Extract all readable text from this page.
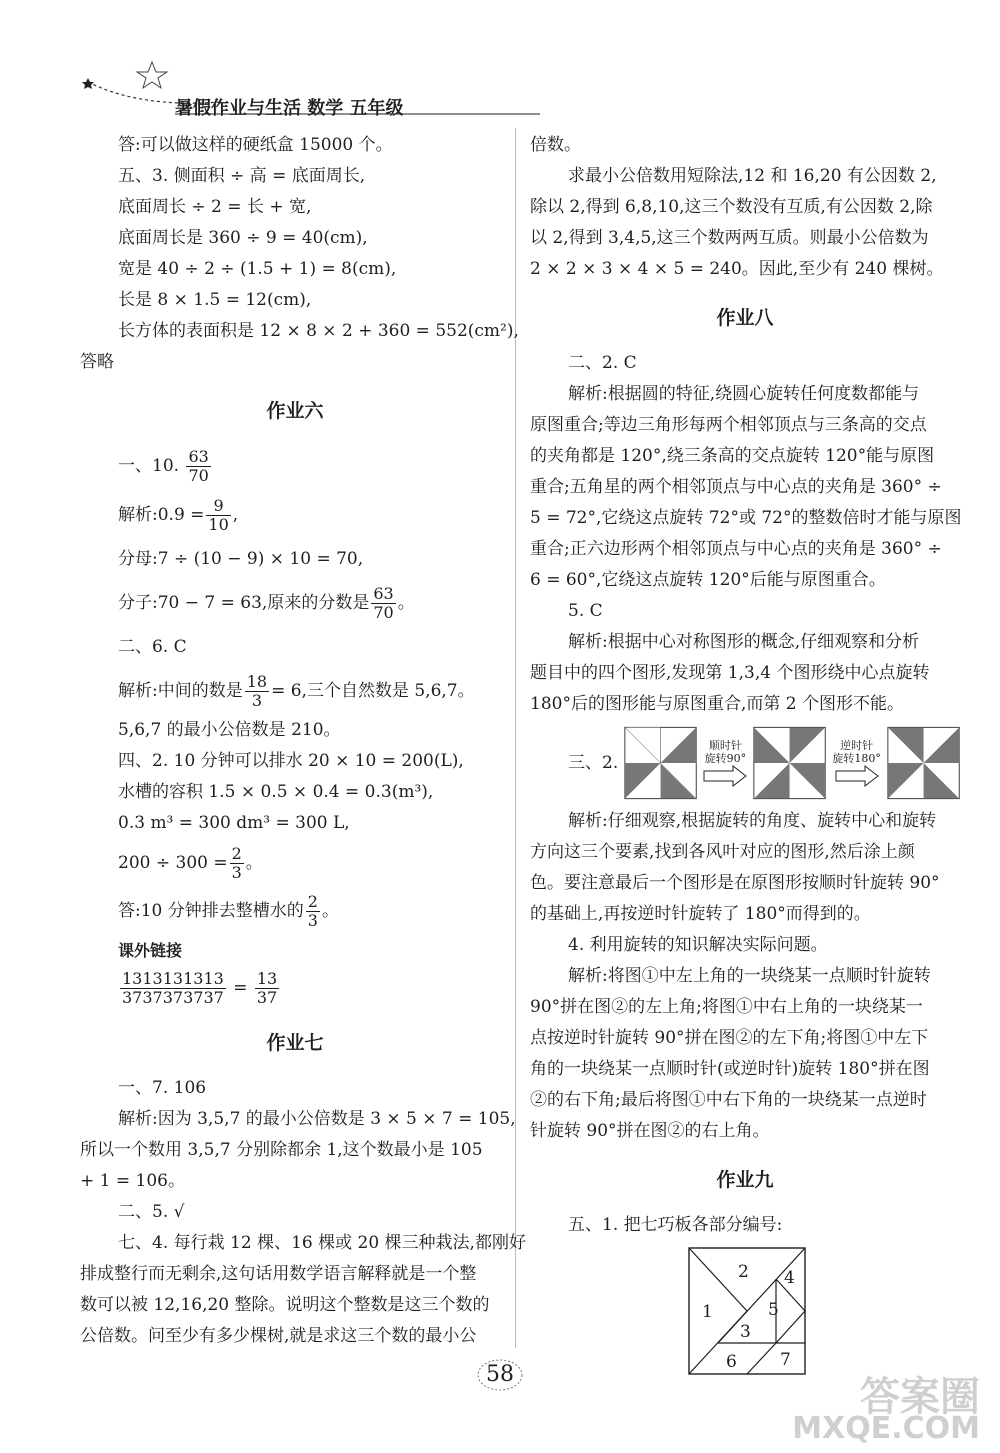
暑假作业与生活 数学 五年级

答:可以做这样的硬纸盒 15000 个。

五、3. 侧面积 ÷ 高 = 底面周长,

底面周长 ÷ 2 = 长 + 宽,

底面周长是 360 ÷ 9 = 40(cm),

宽是 40 ÷ 2 ÷ (1.5 + 1) = 8(cm),

长是 8 × 1.5 = 12(cm),

长方体的表面积是 12 × 8 × 2 + 360 = 552(cm²),

答略

作业六

一、10. $\frac{63}{70}$

解析:0.9 = $\frac{9}{10}$ ,

分母:7 ÷ (10 − 9) × 10 = 70,

分子:70 − 7 = 63,原来的分数是 $\frac{63}{70}$ 。

二、6. C

解析:中间的数是 $\frac{18}{3} = 6$,三个自然数是 5,6,7。

5,6,7 的最小公倍数是 210。

四、2. 10 分钟可以排水 20 × 10 = 200(L),

水槽的容积 1.5 × 0.5 × 0.4 = 0.3(m³),

0.3 m³ = 300 dm³ = 300 L,

$200 \div 300 = \frac{2}{3}$ 。

答:10 分钟排去整槽水的 $\frac{2}{3}$ 。

课外链接

$\frac{1313131313}{3737373737} = \frac{13}{37}$

作业七

一、7. 106

解析:因为 3,5,7 的最小公倍数是 3 × 5 × 7 = 105,

所以一个数用 3,5,7 分别除都余 1,这个数最小是 105

+ 1 = 106。

二、5. √

七、4. 每行栽 12 棵、16 棵或 20 棵三种栽法,都刚好

排成整行而无剩余,这句话用数学语言解释就是一个整

数可以被 12,16,20 整除。说明这个整数是这三个数的

公倍数。问至少有多少棵树,就是求这三个数的最小公

倍数。

求最小公倍数用短除法,12 和 16,20 有公因数 2,

除以 2,得到 6,8,10,这三个数没有互质,有公因数 2,除

以 2,得到 3,4,5,这三个数两两互质。则最小公倍数为

2 × 2 × 3 × 4 × 5 = 240。因此,至少有 240 棵树。

作业八

二、2. C

解析:根据圆的特征,绕圆心旋转任何度数都能与

原图重合;等边三角形每两个相邻顶点与三条高的交点

的夹角都是 120°,绕三条高的交点旋转 120°能与原图

重合;五角星的两个相邻顶点与中心点的夹角是 360° ÷

5 = 72°,它绕这点旋转 72°或 72°的整数倍时才能与原图

重合;正六边形两个相邻顶点与中心点的夹角是 360° ÷

6 = 60°,它绕这点旋转 120°后能与原图重合。

5. C

解析:根据中心对称图形的概念,仔细观察和分析

题目中的四个图形,发现第 1,3,4 个图形绕中心点旋转

180°后的图形能与原图重合,而第 2 个图形不能。

三、2.
顺时针
旋转90°
逆时针
旋转180°

解析:仔细观察,根据旋转的角度、旋转中心和旋转

方向这三个要素,找到各风叶对应的图形,然后涂上颜

色。要注意最后一个图形是在原图形按顺时针旋转 90°

的基础上,再按逆时针旋转了 180°而得到的。

4. 利用旋转的知识解决实际问题。

解析:将图①中左上角的一块绕某一点顺时针旋转

90°拼在图②的左上角;将图①中右上角的一块绕某一

点按逆时针旋转 90°拼在图②的左下角;将图①中左下

角的一块绕某一点顺时针(或逆时针)旋转 180°拼在图

②的右下角;最后将图①中右下角的一块绕某一点逆时

针旋转 90°拼在图②的右上角。

作业九

五、1. 把七巧板各部分编号:

1
2
3
4
5
6	7
58	答案圈
MXQE.COM
